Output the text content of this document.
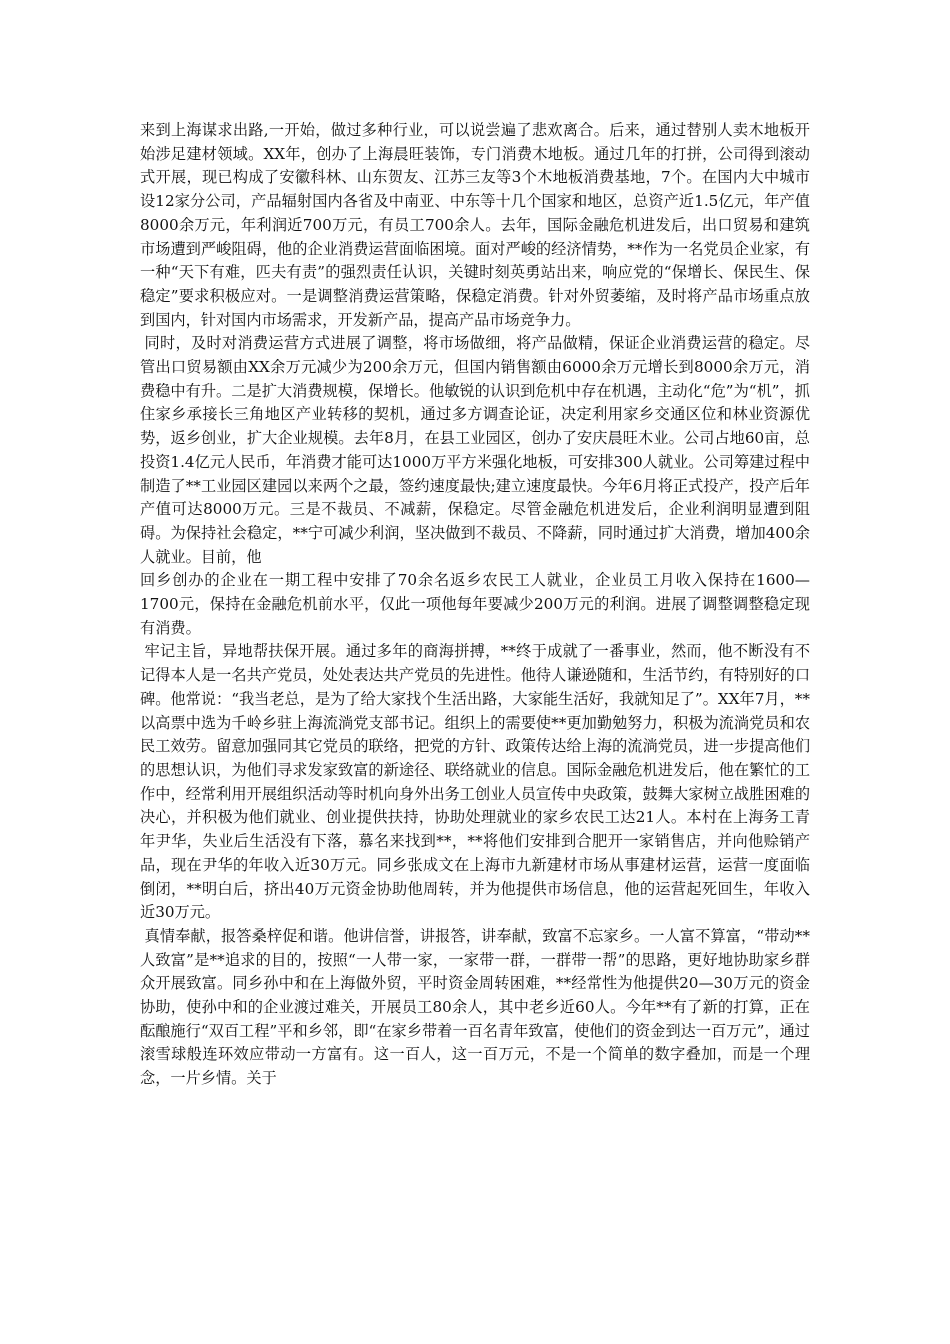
来到上海谋求出路,一开始，做过多种行业，可以说尝遍了悲欢离合。后来，通过替别人卖木地板开始涉足建材领域。XX年，创办了上海晨旺装饰，专门消费木地板。通过几年的打拼，公司得到滚动式开展，现已构成了安徽科林、山东贺友、江苏三友等3个木地板消费基地，7个。在国内大中城市设12家分公司，产品辐射国内各省及中南亚、中东等十几个国家和地区，总资产近1.5亿元，年产值8000余万元，年利润近700万元，有员工700余人。去年，国际金融危机进发后，出口贸易和建筑市场遭到严峻阻碍，他的企业消费运营面临困境。面对严峻的经济情势，**作为一名党员企业家，有一种“天下有难，匹夫有责”的强烈责任认识，关键时刻英勇站出来，响应党的“保增长、保民生、保稳定”要求积极应对。一是调整消费运营策略，保稳定消费。针对外贸萎缩，及时将产品市场重点放到国内，针对国内市场需求，开发新产品，提高产品市场竞争力。

同时，及时对消费运营方式进展了调整，将市场做细，将产品做精，保证企业消费运营的稳定。尽管出口贸易额由XX余万元减少为200余万元，但国内销售额由6000余万元增长到8000余万元，消费稳中有升。二是扩大消费规模，保增长。他敏锐的认识到危机中存在机遇，主动化“危”为“机”，抓住家乡承接长三角地区产业转移的契机，通过多方调查论证，决定利用家乡交通区位和林业资源优势，返乡创业，扩大企业规模。去年8月，在县工业园区，创办了安庆晨旺木业。公司占地60亩，总投资1.4亿元人民币，年消费才能可达1000万平方米强化地板，可安排300人就业。公司筹建过程中制造了**工业园区建园以来两个之最，签约速度最快;建立速度最快。今年6月将正式投产，投产后年产值可达8000万元。三是不裁员、不减薪，保稳定。尽管金融危机进发后，企业利润明显遭到阻碍。为保持社会稳定，**宁可减少利润，坚决做到不裁员、不降薪，同时通过扩大消费，增加400余人就业。目前，他

回乡创办的企业在一期工程中安排了70余名返乡农民工人就业，企业员工月收入保持在1600—1700元，保持在金融危机前水平，仅此一项他每年要减少200万元的利润。进展了调整调整稳定现有消费。

牢记主旨，异地帮扶保开展。通过多年的商海拼搏，**终于成就了一番事业，然而，他不断没有不记得本人是一名共产党员，处处表达共产党员的先进性。他待人谦逊随和，生活节约，有特别好的口碑。他常说：“我当老总，是为了给大家找个生活出路，大家能生活好，我就知足了”。XX年7月，**以高票中选为千岭乡驻上海流淌党支部书记。组织上的需要使**更加勤勉努力，积极为流淌党员和农民工效劳。留意加强同其它党员的联络，把党的方针、政策传达给上海的流淌党员，进一步提高他们的思想认识，为他们寻求发家致富的新途径、联络就业的信息。国际金融危机进发后，他在繁忙的工作中，经常利用开展组织活动等时机向身外出务工创业人员宣传中央政策，鼓舞大家树立战胜困难的决心，并积极为他们就业、创业提供扶持，协助处理就业的家乡农民工达21人。本村在上海务工青年尹华，失业后生活没有下落，慕名来找到**，**将他们安排到合肥开一家销售店，并向他赊销产品，现在尹华的年收入近30万元。同乡张成文在上海市九新建材市场从事建材运营，运营一度面临倒闭，**明白后，挤出40万元资金协助他周转，并为他提供市场信息，他的运营起死回生，年收入近30万元。

真情奉献，报答桑梓促和谐。他讲信誉，讲报答，讲奉献，致富不忘家乡。一人富不算富，“带动**人致富”是**追求的目的，按照“一人带一家，一家带一群，一群带一帮”的思路，更好地协助家乡群众开展致富。同乡孙中和在上海做外贸，平时资金周转困难，**经常性为他提供20—30万元的资金协助，使孙中和的企业渡过难关，开展员工80余人，其中老乡近60人。今年**有了新的打算，正在酝酿施行“双百工程”平和乡邻，即“在家乡带着一百名青年致富，使他们的资金到达一百万元”，通过滚雪球般连环效应带动一方富有。这一百人，这一百万元，不是一个简单的数字叠加，而是一个理念，一片乡情。关于
